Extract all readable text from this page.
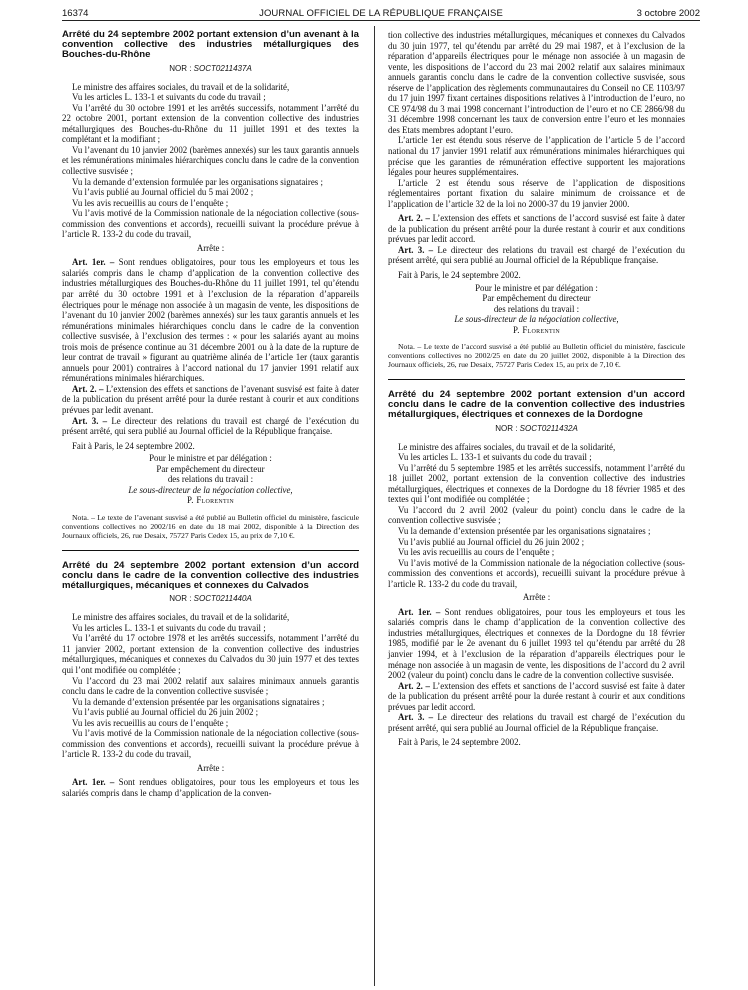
16374	JOURNAL OFFICIEL DE LA RÉPUBLIQUE FRANÇAISE	3 octobre 2002
Arrêté du 24 septembre 2002 portant extension d’un avenant à la convention collective des industries métallurgiques des Bouches-du-Rhône
NOR : SOCT0211437A

Le ministre des affaires sociales, du travail et de la solidarité,

Vu les articles L. 133-1 et suivants du code du travail ;

Vu l’arrêté du 30 octobre 1991 et les arrêtés successifs, notamment l’arrêté du 22 octobre 2001, portant extension de la convention collective des industries métallurgiques des Bouches-du-Rhône du 11 juillet 1991 et des textes la complétant et la modifiant ;

Vu l’avenant du 10 janvier 2002 (barèmes annexés) sur les taux garantis annuels et les rémunérations minimales hiérarchiques conclu dans le cadre de la convention collective susvisée ;

Vu la demande d’extension formulée par les organisations signataires ;

Vu l’avis publié au Journal officiel du 5 mai 2002 ;

Vu les avis recueillis au cours de l’enquête ;

Vu l’avis motivé de la Commission nationale de la négociation collective (sous-commission des conventions et accords), recueilli suivant la procédure prévue à l’article R. 133-2 du code du travail,

Arrête :

Art. 1er. – Sont rendues obligatoires, pour tous les employeurs et tous les salariés compris dans le champ d’application de la convention collective des industries métallurgiques des Bouches-du-Rhône du 11 juillet 1991, tel qu’étendu par arrêté du 30 octobre 1991 et à l’exclusion de la réparation d’appareils électriques pour le ménage non associée à un magasin de vente, les dispositions de l’avenant du 10 janvier 2002 (barèmes annexés) sur les taux garantis annuels et les rémunérations minimales hiérarchiques conclu dans le cadre de la convention collective susvisée, à l’exclusion des termes : « pour les salariés ayant au moins trois mois de présence continue au 31 décembre 2001 ou à la date de la rupture de leur contrat de travail » figurant au quatrième alinéa de l’article 1er (taux garantis annuels pour 2001) contraires à l’accord national du 17 janvier 1991 relatif aux rémunérations minimales hiérarchiques.

Art. 2. – L’extension des effets et sanctions de l’avenant susvisé est faite à dater de la publication du présent arrêté pour la durée restant à courir et aux conditions prévues par ledit avenant.

Art. 3. – Le directeur des relations du travail est chargé de l’exécution du présent arrêté, qui sera publié au Journal officiel de la République française.

Fait à Paris, le 24 septembre 2002.

Pour le ministre et par délégation :
Par empêchement du directeur
des relations du travail :
Le sous-directeur de la négociation collective,
P. Florentin
Nota. – Le texte de l’avenant susvisé a été publié au Bulletin officiel du ministère, fascicule conventions collectives no 2002/16 en date du 18 mai 2002, disponible à la Direction des Journaux officiels, 26, rue Desaix, 75727 Paris Cedex 15, au prix de 7,10 €.
Arrêté du 24 septembre 2002 portant extension d’un accord conclu dans le cadre de la convention collective des industries métallurgiques, mécaniques et connexes du Calvados
NOR : SOCT0211440A

Le ministre des affaires sociales, du travail et de la solidarité,

Vu les articles L. 133-1 et suivants du code du travail ;

Vu l’arrêté du 17 octobre 1978 et les arrêtés successifs, notamment l’arrêté du 11 janvier 2002, portant extension de la convention collective des industries métallurgiques, mécaniques et connexes du Calvados du 30 juin 1977 et des textes qui l’ont modifiée ou complétée ;

Vu l’accord du 23 mai 2002 relatif aux salaires minimaux annuels garantis conclu dans le cadre de la convention collective susvisée ;

Vu la demande d’extension présentée par les organisations signataires ;

Vu l’avis publié au Journal officiel du 26 juin 2002 ;

Vu les avis recueillis au cours de l’enquête ;

Vu l’avis motivé de la Commission nationale de la négociation collective (sous-commission des conventions et accords), recueilli suivant la procédure prévue à l’article R. 133-2 du code du travail,

Arrête :

Art. 1er. – Sont rendues obligatoires, pour tous les employeurs et tous les salariés compris dans le champ d’application de la conven-

tion collective des industries métallurgiques, mécaniques et connexes du Calvados du 30 juin 1977, tel qu’étendu par arrêté du 29 mai 1987, et à l’exclusion de la réparation d’appareils électriques pour le ménage non associée à un magasin de vente, les dispositions de l’accord du 23 mai 2002 relatif aux salaires minimaux annuels garantis conclu dans le cadre de la convention collective susvisée, sous réserve de l’application des règlements communautaires du Conseil no CE 1103/97 du 17 juin 1997 fixant certaines dispositions relatives à l’introduction de l’euro, no CE 974/98 du 3 mai 1998 concernant l’introduction de l’euro et no CE 2866/98 du 31 décembre 1998 concernant les taux de conversion entre l’euro et les monnaies des Etats membres adoptant l’euro.

L’article 1er est étendu sous réserve de l’application de l’article 5 de l’accord national du 17 janvier 1991 relatif aux rémunérations minimales hiérarchiques qui précise que les garanties de rémunération effective supportent les majorations légales pour heures supplémentaires.

L’article 2 est étendu sous réserve de l’application de dispositions réglementaires portant fixation du salaire minimum de croissance et de l’application de l’article 32 de la loi no 2000-37 du 19 janvier 2000.

Art. 2. – L’extension des effets et sanctions de l’accord susvisé est faite à dater de la publication du présent arrêté pour la durée restant à courir et aux conditions prévues par ledit accord.

Art. 3. – Le directeur des relations du travail est chargé de l’exécution du présent arrêté, qui sera publié au Journal officiel de la République française.

Fait à Paris, le 24 septembre 2002.

Pour le ministre et par délégation :
Par empêchement du directeur
des relations du travail :
Le sous-directeur de la négociation collective,
P. Florentin
Nota. – Le texte de l’accord susvisé a été publié au Bulletin officiel du ministère, fascicule conventions collectives no 2002/25 en date du 20 juillet 2002, disponible à la Direction des Journaux officiels, 26, rue Desaix, 75727 Paris Cedex 15, au prix de 7,10 €.
Arrêté du 24 septembre 2002 portant extension d’un accord conclu dans le cadre de la convention collective des industries métallurgiques, électriques et connexes de la Dordogne
NOR : SOCT0211432A

Le ministre des affaires sociales, du travail et de la solidarité,

Vu les articles L. 133-1 et suivants du code du travail ;

Vu l’arrêté du 5 septembre 1985 et les arrêtés successifs, notamment l’arrêté du 18 juillet 2002, portant extension de la convention collective des industries métallurgiques, électriques et connexes de la Dordogne du 18 février 1985 et des textes qui l’ont modifiée ou complétée ;

Vu l’accord du 2 avril 2002 (valeur du point) conclu dans le cadre de la convention collective susvisée ;

Vu la demande d’extension présentée par les organisations signataires ;

Vu l’avis publié au Journal officiel du 26 juin 2002 ;

Vu les avis recueillis au cours de l’enquête ;

Vu l’avis motivé de la Commission nationale de la négociation collective (sous-commission des conventions et accords), recueilli suivant la procédure prévue à l’article R. 133-2 du code du travail,

Arrête :

Art. 1er. – Sont rendues obligatoires, pour tous les employeurs et tous les salariés compris dans le champ d’application de la convention collective des industries métallurgiques, électriques et connexes de la Dordogne du 18 février 1985, modifié par le 2e avenant du 6 juillet 1993 tel qu’étendu par arrêté du 28 janvier 1994, et à l’exclusion de la réparation d’appareils électriques pour le ménage non associée à un magasin de vente, les dispositions de l’accord du 2 avril 2002 (valeur du point) conclu dans le cadre de la convention collective susvisée.

Art. 2. – L’extension des effets et sanctions de l’accord susvisé est faite à dater de la publication du présent arrêté pour la durée restant à courir et aux conditions prévues par ledit accord.

Art. 3. – Le directeur des relations du travail est chargé de l’exécution du présent arrêté, qui sera publié au Journal officiel de la République française.

Fait à Paris, le 24 septembre 2002.
